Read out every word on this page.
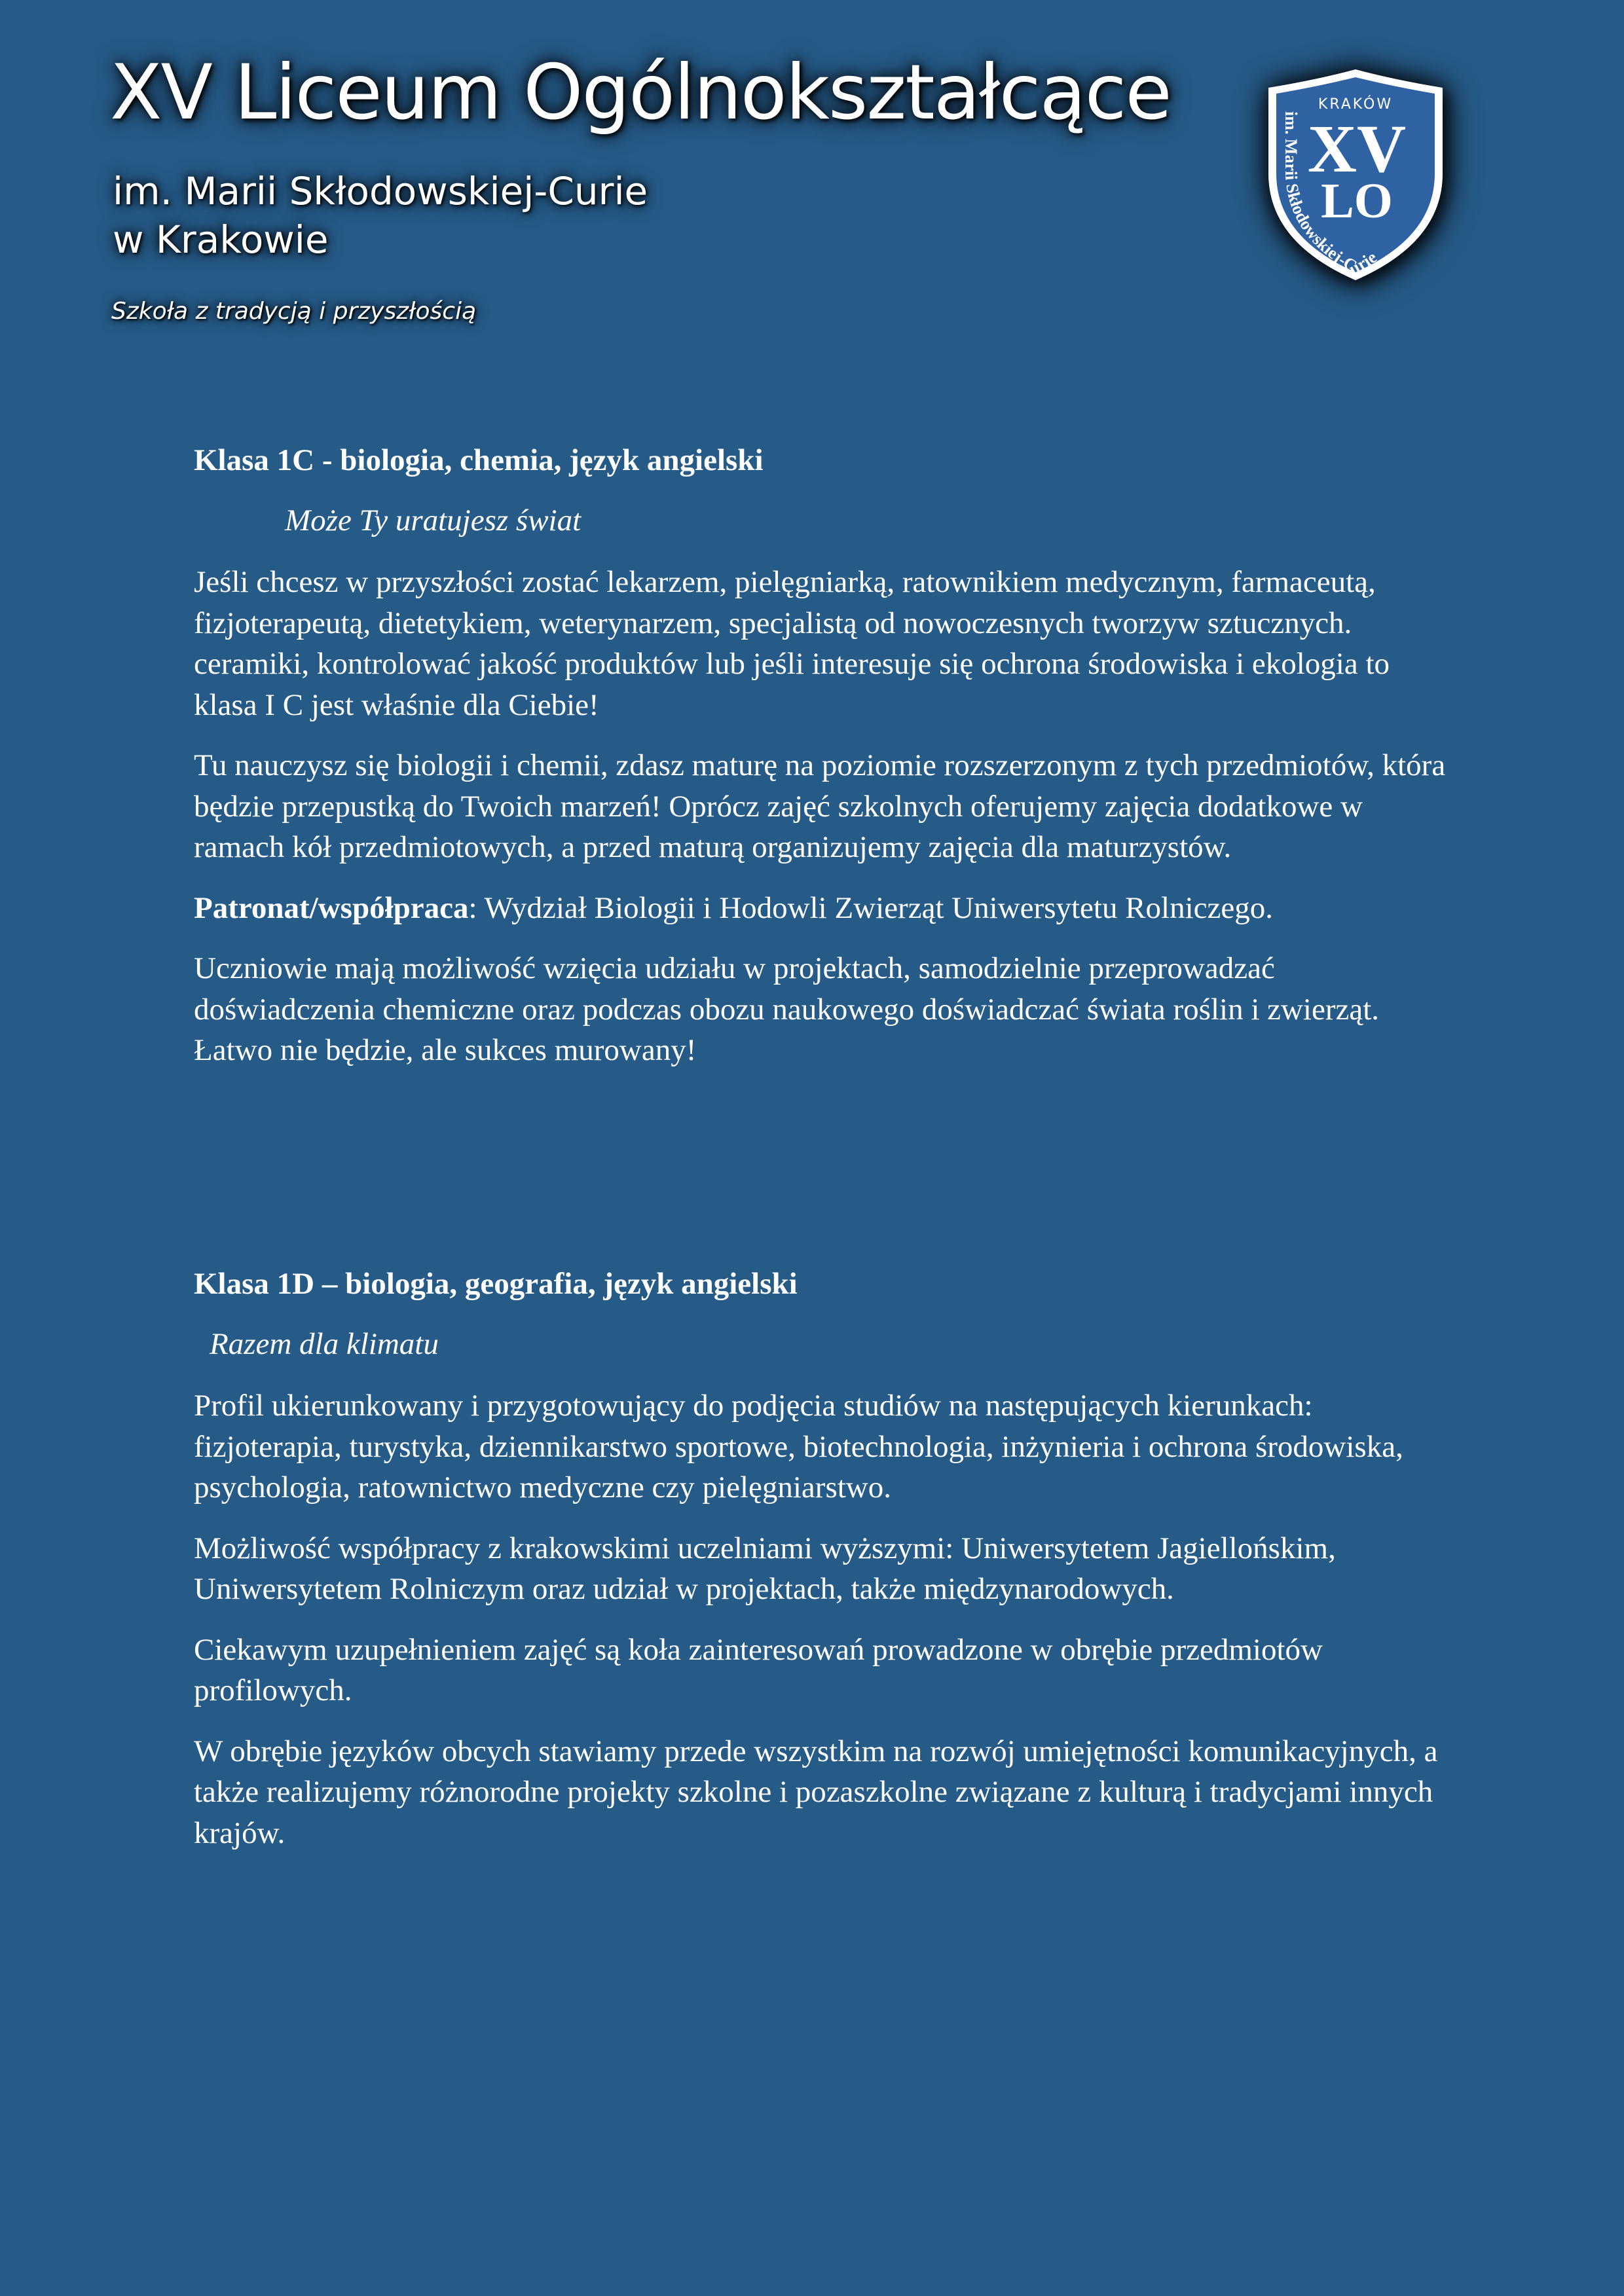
XV Liceum Ogólnokształcące
im. Marii Skłodowskiej-Curie
w Krakowie
Szkoła z tradycją i przyszłością
KRAKÓW
XV
LO
im. Marii Skłodowskiej-Curie
Klasa 1C - biologia, chemia, język angielski
Może Ty uratujesz świat

Jeśli chcesz w przyszłości zostać lekarzem, pielęgniarką, ratownikiem medycznym, farmaceutą, fizjoterapeutą, dietetykiem, weterynarzem, specjalistą od nowoczesnych tworzyw sztucznych. ceramiki, kontrolować jakość produktów lub jeśli interesuje się ochrona środowiska i ekologia to klasa I C jest właśnie dla Ciebie!

Tu nauczysz się biologii i chemii, zdasz maturę na poziomie rozszerzonym z tych przedmiotów, która będzie przepustką do Twoich marzeń! Oprócz zajęć szkolnych oferujemy zajęcia dodatkowe w ramach kół przedmiotowych, a przed maturą organizujemy zajęcia dla maturzystów.

Patronat/współpraca: Wydział Biologii i Hodowli Zwierząt Uniwersytetu Rolniczego.

Uczniowie mają możliwość wzięcia udziału w projektach, samodzielnie przeprowadzać doświadczenia chemiczne oraz podczas obozu naukowego doświadczać świata roślin i zwierząt. Łatwo nie będzie, ale sukces murowany!

Klasa 1D – biologia, geografia, język angielski
Razem dla klimatu

Profil ukierunkowany i przygotowujący do podjęcia studiów na następujących kierunkach: fizjoterapia, turystyka, dziennikarstwo sportowe, biotechnologia, inżynieria i ochrona środowiska, psychologia, ratownictwo medyczne czy pielęgniarstwo.

Możliwość współpracy z krakowskimi uczelniami wyższymi: Uniwersytetem Jagiellońskim, Uniwersytetem Rolniczym oraz udział w projektach, także międzynarodowych.

Ciekawym uzupełnieniem zajęć są koła zainteresowań prowadzone w obrębie przedmiotów profilowych.

W obrębie języków obcych stawiamy przede wszystkim na rozwój umiejętności komunikacyjnych, a także realizujemy różnorodne projekty szkolne i pozaszkolne związane z kulturą i tradycjami innych krajów.
